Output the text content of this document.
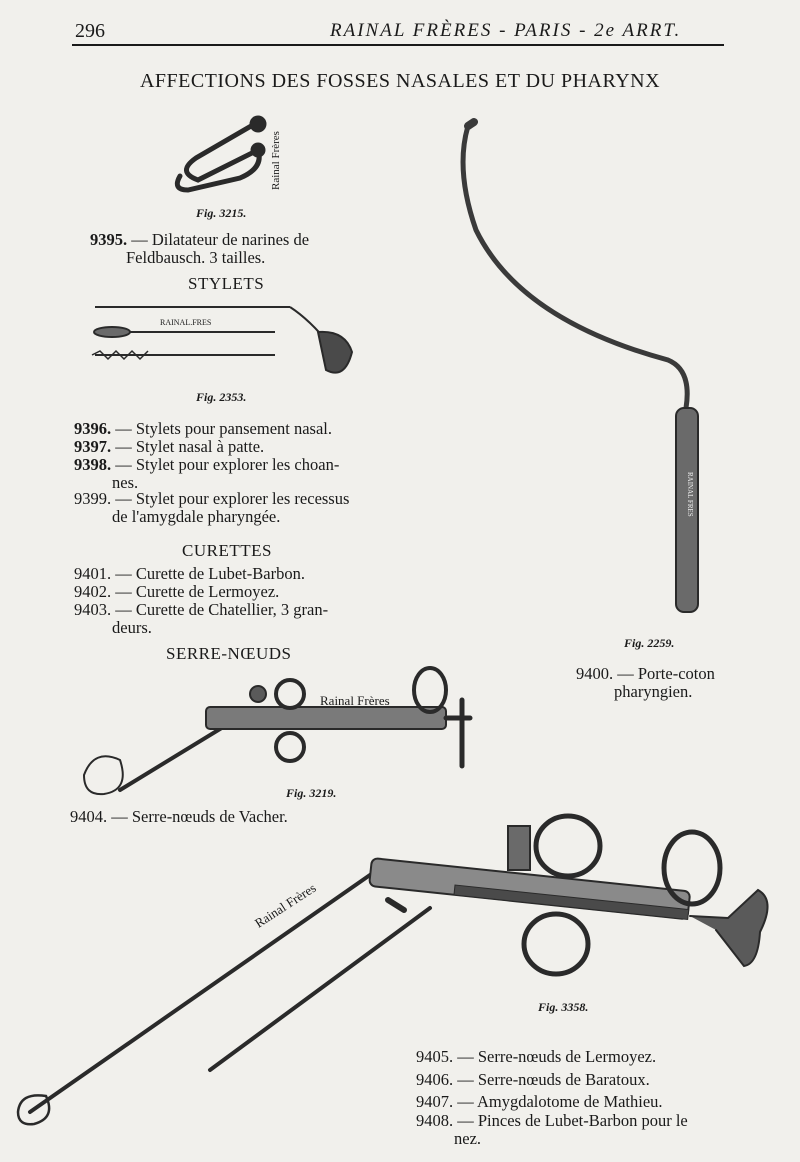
296	RAINAL FRÈRES - PARIS - 2e ARRT.
AFFECTIONS DES FOSSES NASALES ET DU PHARYNX
Rainal Frères
RAINAL.FRES
RAINAL FRES
Rainal Frères
Rainal Frères
Fig. 3215.
Fig. 2353.
Fig. 2259.
Fig. 3219.
Fig. 3358.
9395. — Dilatateur de narines de
Feldbausch. 3 tailles.
STYLETS
9396. — Stylets pour pansement nasal.
9397. — Stylet nasal à patte.
9398. — Stylet pour explorer les choan-
nes.
9399. — Stylet pour explorer les recessus
de l'amygdale pharyngée.
CURETTES
9401. — Curette de Lubet-Barbon.
9402. — Curette de Lermoyez.
9403. — Curette de Chatellier, 3 gran-
deurs.
SERRE-NŒUDS
9400. — Porte-coton
pharyngien.
9404. — Serre-nœuds de Vacher.
9405. — Serre-nœuds de Lermoyez.
9406. — Serre-nœuds de Baratoux.
9407. — Amygdalotome de Mathieu.
9408. — Pinces de Lubet-Barbon pour le
nez.
